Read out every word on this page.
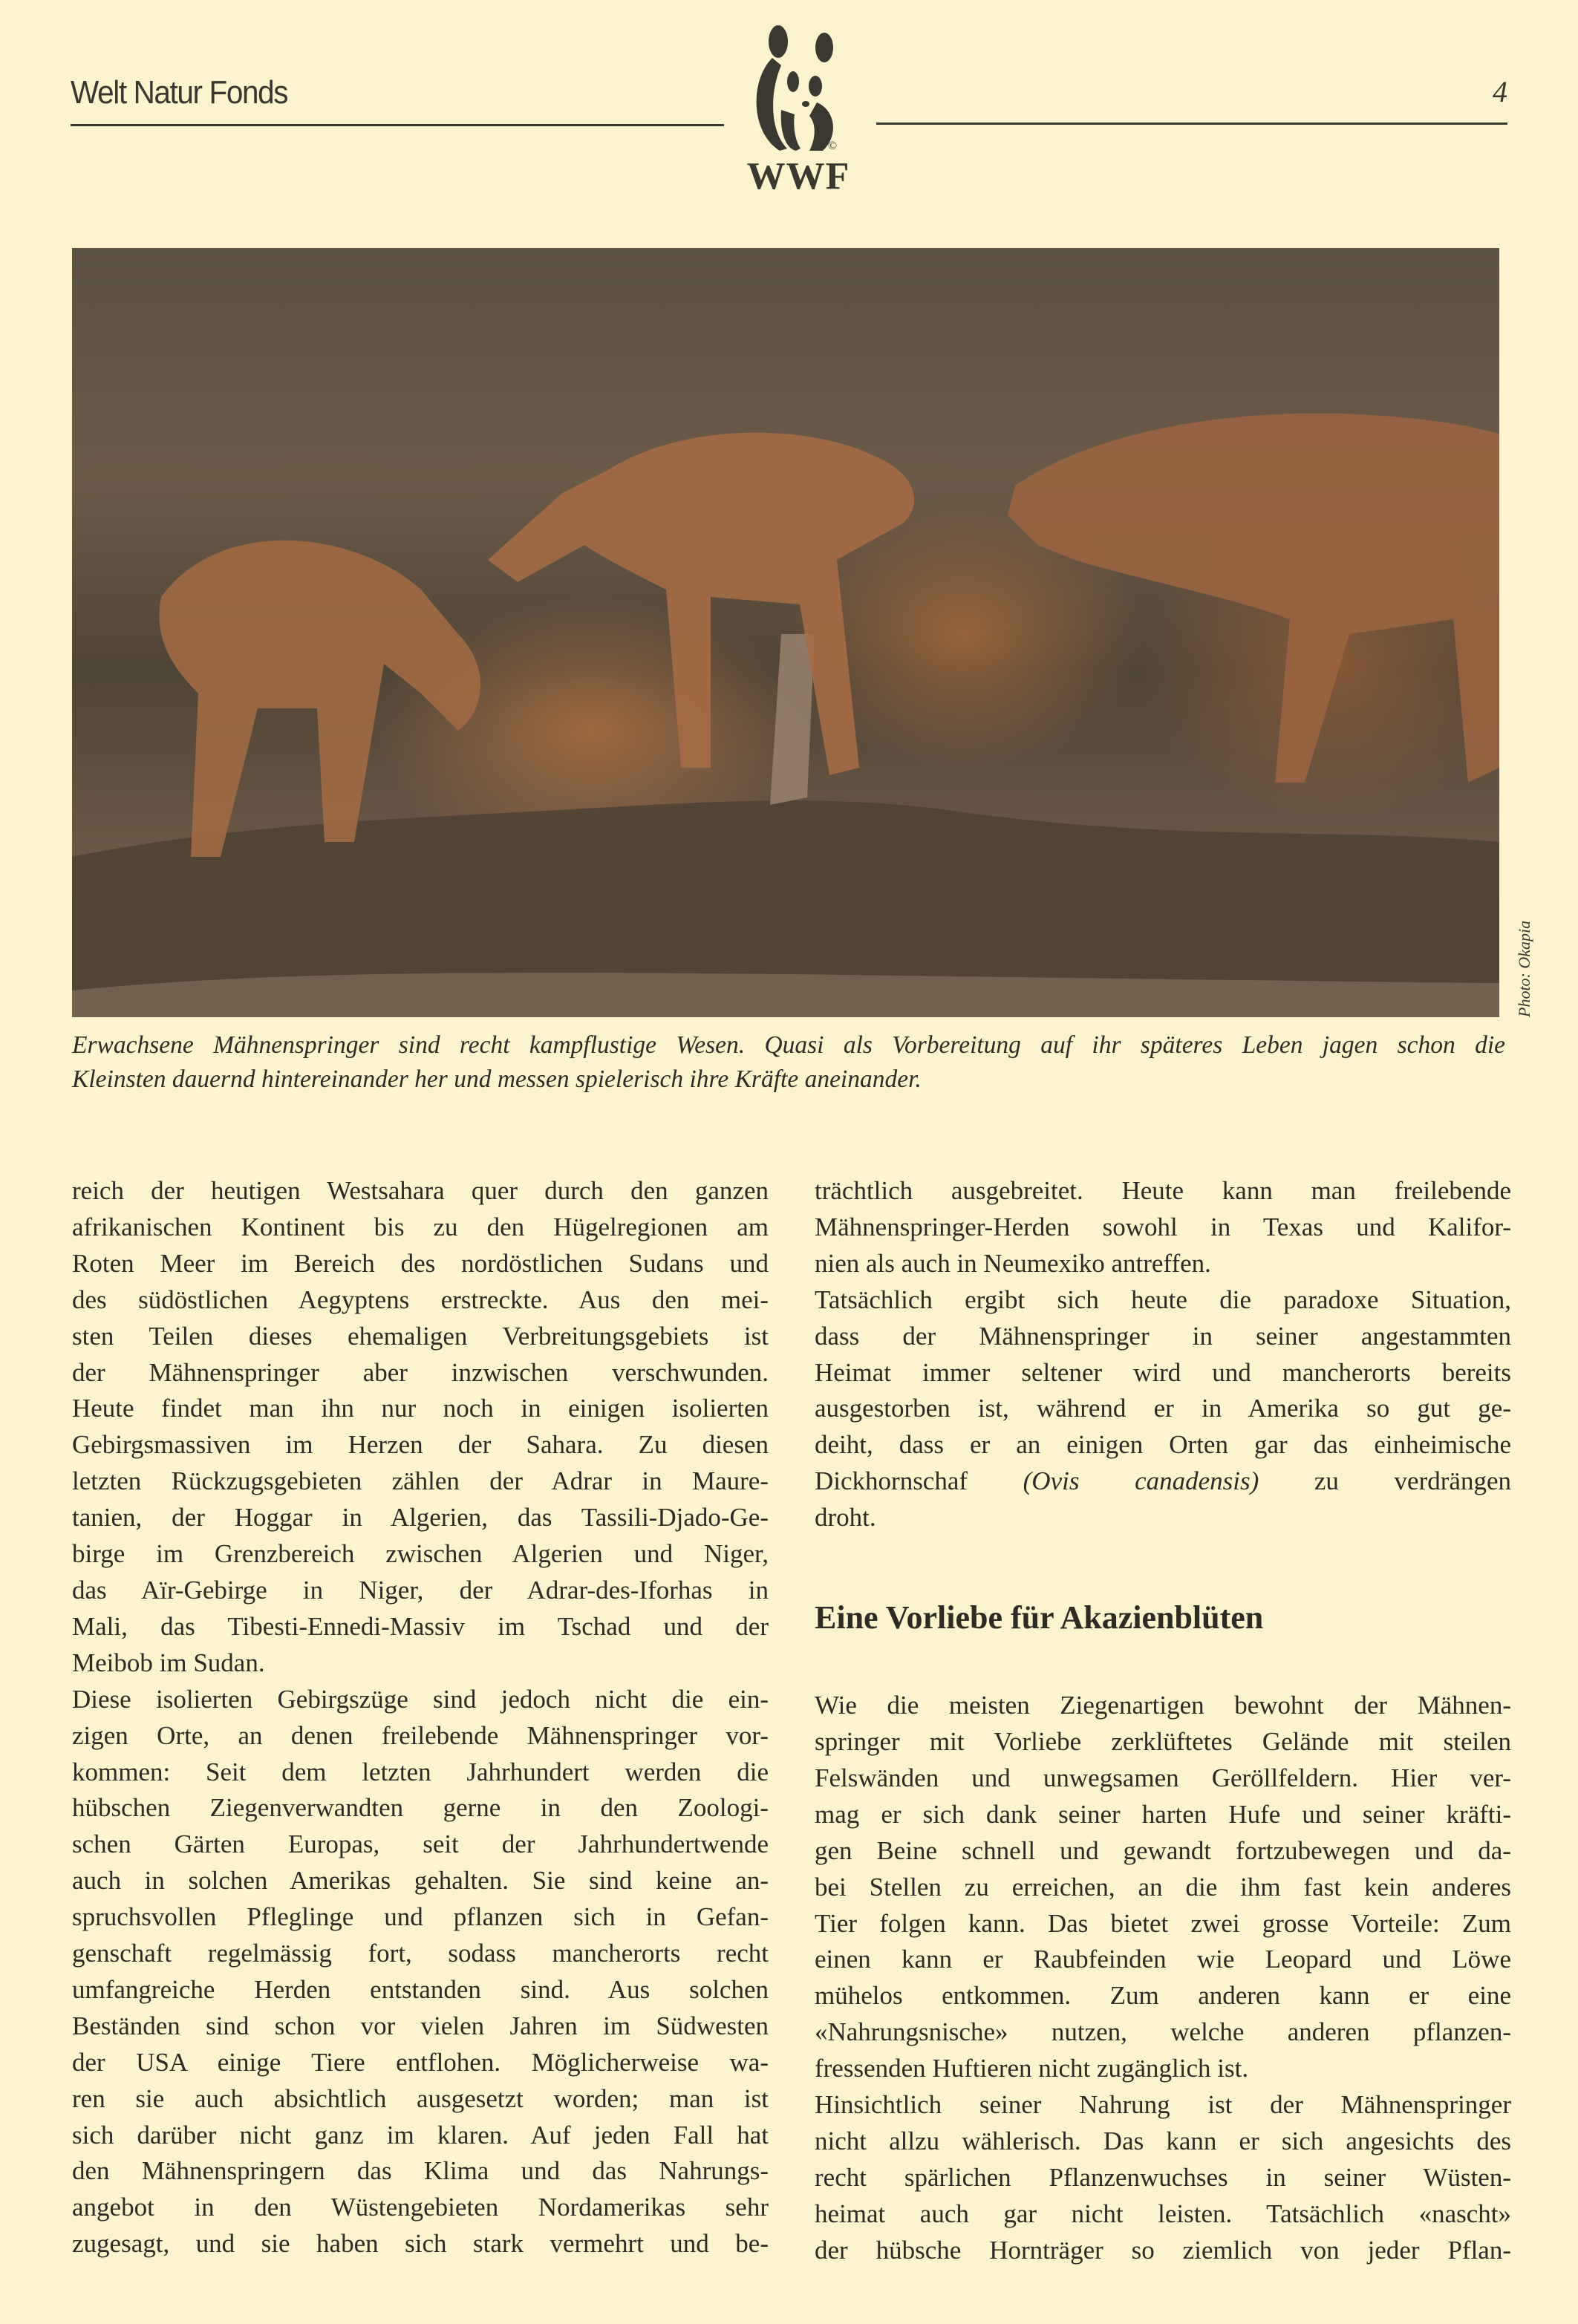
Welt Natur Fonds
©
WWF
4
Photo: Okapia
Erwachsene Mähnenspringer sind recht kampflustige Wesen. Quasi als Vorbereitung auf ihr späteres Leben jagen schon die
Kleinsten dauernd hintereinander her und messen spielerisch ihre Kräfte aneinander.

reich der heutigen Westsahara quer durch den ganzen
afrikanischen Kontinent bis zu den Hügelregionen am
Roten Meer im Bereich des nordöstlichen Sudans und
des südöstlichen Aegyptens erstreckte. Aus den mei-
sten Teilen dieses ehemaligen Verbreitungsgebiets ist
der Mähnenspringer aber inzwischen verschwunden.
Heute findet man ihn nur noch in einigen isolierten
Gebirgsmassiven im Herzen der Sahara. Zu diesen
letzten Rückzugsgebieten zählen der Adrar in Maure-
tanien, der Hoggar in Algerien, das Tassili-Djado-Ge-
birge im Grenzbereich zwischen Algerien und Niger,
das Aïr-Gebirge in Niger, der Adrar-des-Iforhas in
Mali, das Tibesti-Ennedi-Massiv im Tschad und der
Meibob im Sudan.

Diese isolierten Gebirgszüge sind jedoch nicht die ein-
zigen Orte, an denen freilebende Mähnenspringer vor-
kommen: Seit dem letzten Jahrhundert werden die
hübschen Ziegenverwandten gerne in den Zoologi-
schen Gärten Europas, seit der Jahrhundertwende
auch in solchen Amerikas gehalten. Sie sind keine an-
spruchsvollen Pfleglinge und pflanzen sich in Gefan-
genschaft regelmässig fort, sodass mancherorts recht
umfangreiche Herden entstanden sind. Aus solchen
Beständen sind schon vor vielen Jahren im Südwesten
der USA einige Tiere entflohen. Möglicherweise wa-
ren sie auch absichtlich ausgesetzt worden; man ist
sich darüber nicht ganz im klaren. Auf jeden Fall hat
den Mähnenspringern das Klima und das Nahrungs-
angebot in den Wüstengebieten Nordamerikas sehr
zugesagt, und sie haben sich stark vermehrt und be-

trächtlich ausgebreitet. Heute kann man freilebende
Mähnenspringer-Herden sowohl in Texas und Kalifor-
nien als auch in Neumexiko antreffen.

Tatsächlich ergibt sich heute die paradoxe Situation,
dass der Mähnenspringer in seiner angestammten
Heimat immer seltener wird und mancherorts bereits
ausgestorben ist, während er in Amerika so gut ge-
deiht, dass er an einigen Orten gar das einheimische
Dickhornschaf (Ovis canadensis) zu verdrängen
droht.

Eine Vorliebe für Akazienblüten

Wie die meisten Ziegenartigen bewohnt der Mähnen-
springer mit Vorliebe zerklüftetes Gelände mit steilen
Felswänden und unwegsamen Geröllfeldern. Hier ver-
mag er sich dank seiner harten Hufe und seiner kräfti-
gen Beine schnell und gewandt fortzubewegen und da-
bei Stellen zu erreichen, an die ihm fast kein anderes
Tier folgen kann. Das bietet zwei grosse Vorteile: Zum
einen kann er Raubfeinden wie Leopard und Löwe
mühelos entkommen. Zum anderen kann er eine
«Nahrungsnische» nutzen, welche anderen pflanzen-
fressenden Huftieren nicht zugänglich ist.

Hinsichtlich seiner Nahrung ist der Mähnenspringer
nicht allzu wählerisch. Das kann er sich angesichts des
recht spärlichen Pflanzenwuchses in seiner Wüsten-
heimat auch gar nicht leisten. Tatsächlich «nascht»
der hübsche Hornträger so ziemlich von jeder Pflan-
